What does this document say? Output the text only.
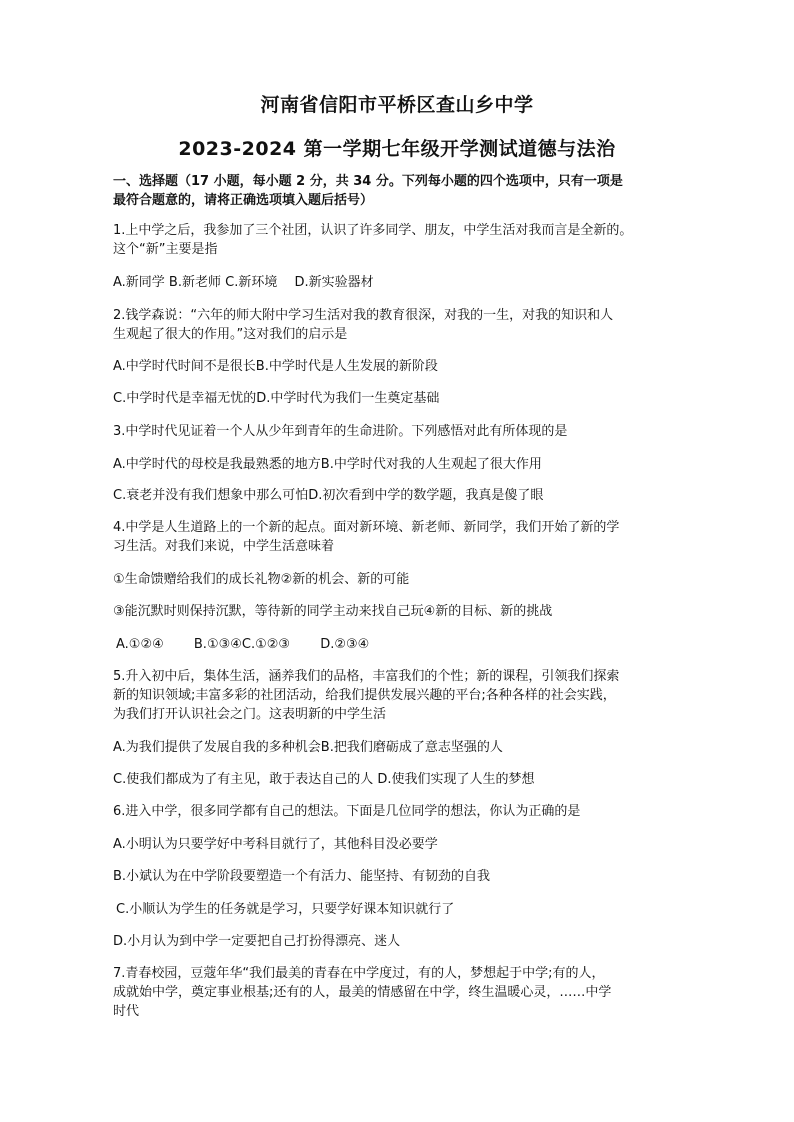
河南省信阳市平桥区查山乡中学
2023-2024 第一学期七年级开学测试道德与法治
一、选择题（17 小题，每小题 2 分，共 34 分。下列每小题的四个选项中，只有一项是
最符合题意的，请将正确选项填入题后括号）
1.上中学之后，我参加了三个社团，认识了许多同学、朋友，中学生活对我而言是全新的。
这个“新”主要是指
A.新同学 B.新老师 C.新环境　 D.新实验器材
2.钱学森说：“六年的师大附中学习生活对我的教育很深，对我的一生，对我的知识和人
生观起了很大的作用。”这对我们的启示是
A.中学时代时间不是很长B.中学时代是人生发展的新阶段
C.中学时代是幸福无忧的D.中学时代为我们一生奠定基础
3.中学时代见证着一个人从少年到青年的生命进阶。下列感悟对此有所体现的是
A.中学时代的母校是我最熟悉的地方B.中学时代对我的人生观起了很大作用
C.衰老并没有我们想象中那么可怕D.初次看到中学的数学题，我真是傻了眼
4.中学是人生道路上的一个新的起点。面对新环境、新老师、新同学，我们开始了新的学
习生活。对我们来说，中学生活意味着
①生命馈赠给我们的成长礼物②新的机会、新的可能
③能沉默时则保持沉默，等待新的同学主动来找自己玩④新的目标、新的挑战
A.①②④　　 B.①③④C.①②③　　 D.②③④
5.升入初中后，集体生活，涵养我们的品格，丰富我们的个性；新的课程，引领我们探索
新的知识领域;丰富多彩的社团活动，给我们提供发展兴趣的平台;各种各样的社会实践，
为我们打开认识社会之门。这表明新的中学生活
A.为我们提供了发展自我的多种机会B.把我们磨砺成了意志坚强的人
C.使我们都成为了有主见，敢于表达自己的人 D.使我们实现了人生的梦想
6.进入中学，很多同学都有自己的想法。下面是几位同学的想法，你认为正确的是
A.小明认为只要学好中考科目就行了，其他科目没必要学
B.小斌认为在中学阶段要塑造一个有活力、能坚持、有韧劲的自我
C.小顺认为学生的任务就是学习，只要学好课本知识就行了
D.小月认为到中学一定要把自己打扮得漂亮、迷人
7.青春校园，豆蔻年华“我们最美的青春在中学度过，有的人，梦想起于中学;有的人，
成就始中学，奠定事业根基;还有的人，最美的情感留在中学，终生温暖心灵，……中学
时代
